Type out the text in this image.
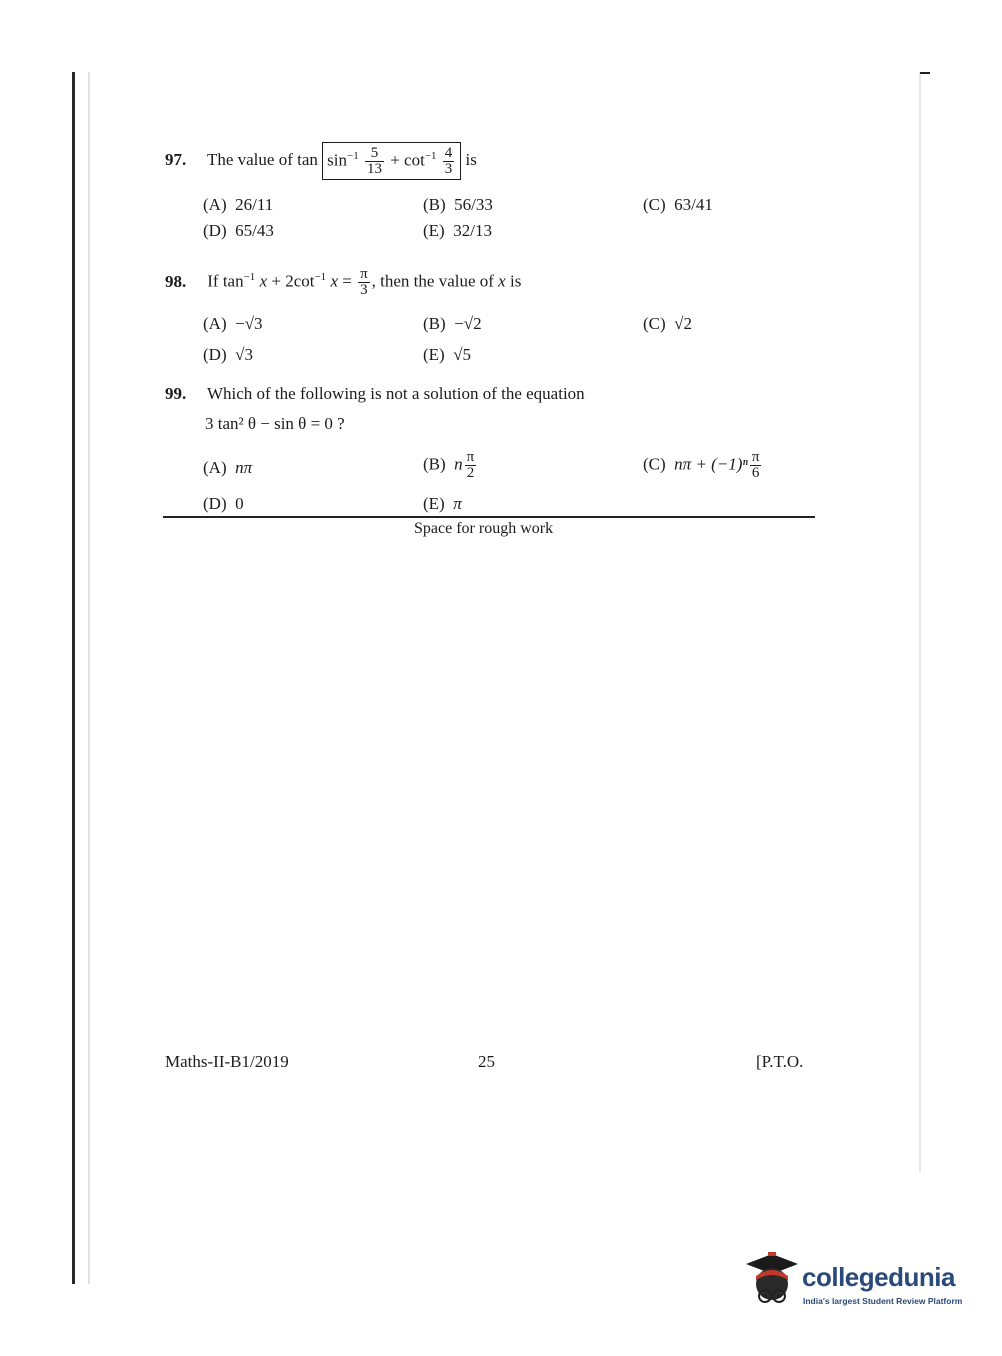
97. The value of $\tan \sin^{-1} \frac{5}{13} + \cot^{-1} \frac{4}{3}$ is
(A) 26/11	(B) 56/33	(C) 63/41
(D) 65/43	(E) 32/13
98. If $\tan^{-1} x + 2\cot^{-1}$ $x = \frac{\pi}{3}$ , then the value of x is
(A) −√3	(B) −√2	(C) √2
(D) √3	(E) √5
99. Which of the following is not a solution of the equation
3 tan² θ − sin θ = 0 ?
(A) nπ	(B) n $\frac{\pi}{2}$	(C) $n\pi + (-1)^n \frac{\pi}{6}$
(D) 0	(E) π
Space for rough work
Maths-II-B1/2019	25	[P.T.O.
collegedunia
India's largest Student Review Platform
